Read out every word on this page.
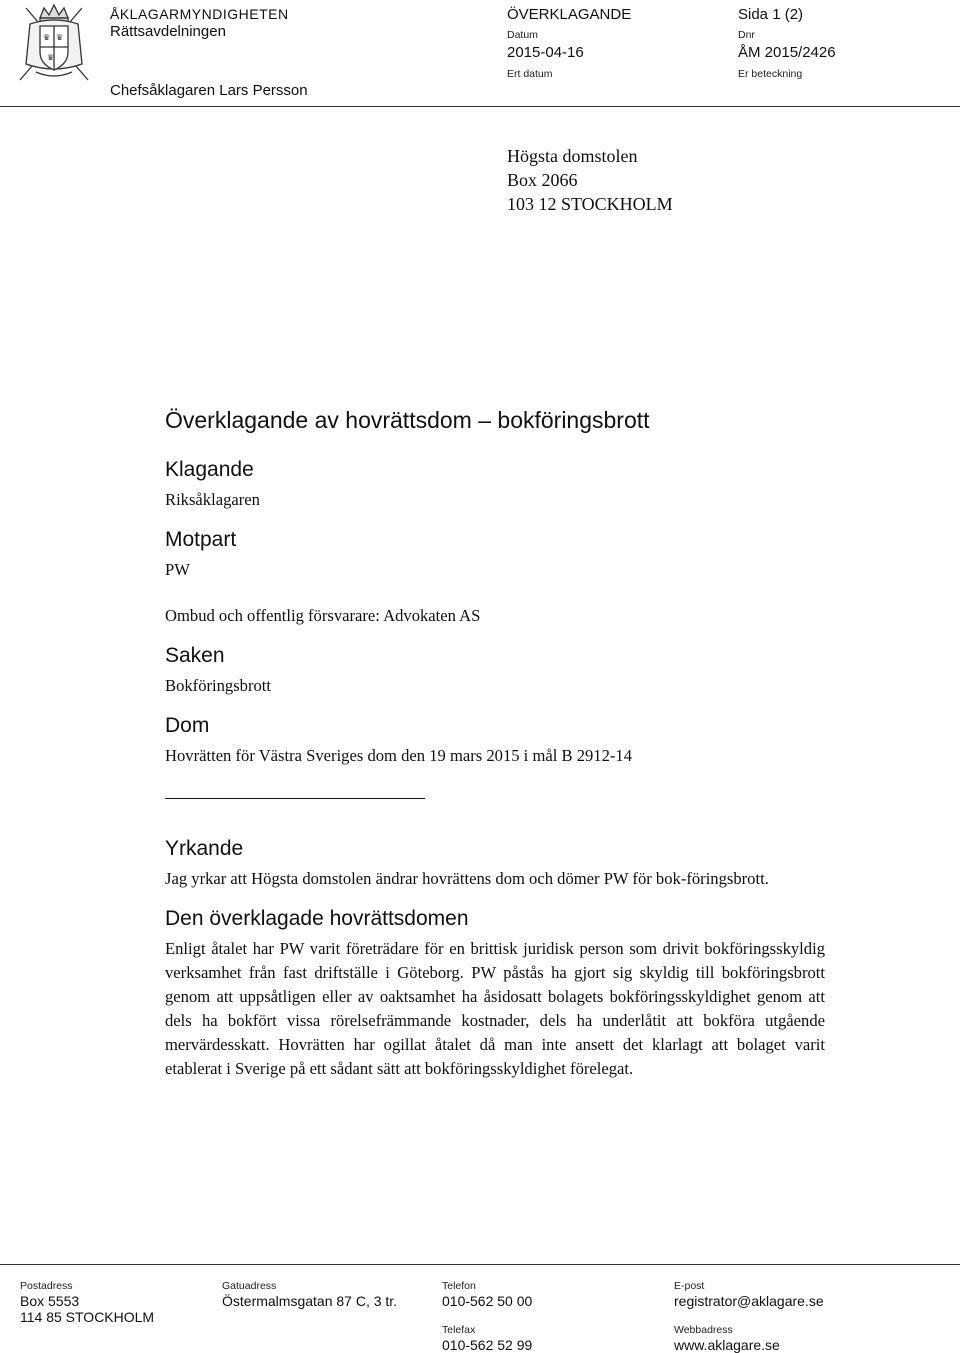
♛ ♛
♛
ÅKLAGARMYNDIGHETEN
Rättsavdelningen
Chefsåklagaren Lars Persson
ÖVERKLAGANDE	Sida 1 (2)
Datum
2015-04-16
Ert datum
Dnr
ÅM 2015/2426
Er beteckning
Högsta domstolen
Box 2066
103 12 STOCKHOLM
Överklagande av hovrättsdom – bokföringsbrott
Klagande
Riksåklagaren
Motpart
PW
Ombud och offentlig försvarare: Advokaten AS
Saken
Bokföringsbrott
Dom
Hovrätten för Västra Sveriges dom den 19 mars 2015 i mål B 2912-14
Yrkande
Jag yrkar att Högsta domstolen ändrar hovrättens dom och dömer PW för bok-föringsbrott.
Den överklagade hovrättsdomen
Enligt åtalet har PW varit företrädare för en brittisk juridisk person som drivit bokföringsskyldig verksamhet från fast driftställe i Göteborg. PW påstås ha gjort sig skyldig till bokföringsbrott genom att uppsåtligen eller av oaktsamhet ha åsidosatt bolagets bokföringsskyldighet genom att dels ha bokfört vissa rörelsefrämmande kostnader, dels ha underlåtit att bokföra utgående mervärdesskatt. Hovrätten har ogillat åtalet då man inte ansett det klarlagt att bolaget varit etablerat i Sverige på ett sådant sätt att bokföringsskyldighet förelegat.
Postadress
Box 5553
114 85 STOCKHOLM
Gatuadress
Östermalmsgatan 87 C, 3 tr.
Telefon
010-562 50 00
Telefax
010-562 52 99
E-post
registrator@aklagare.se
Webbadress
www.aklagare.se
